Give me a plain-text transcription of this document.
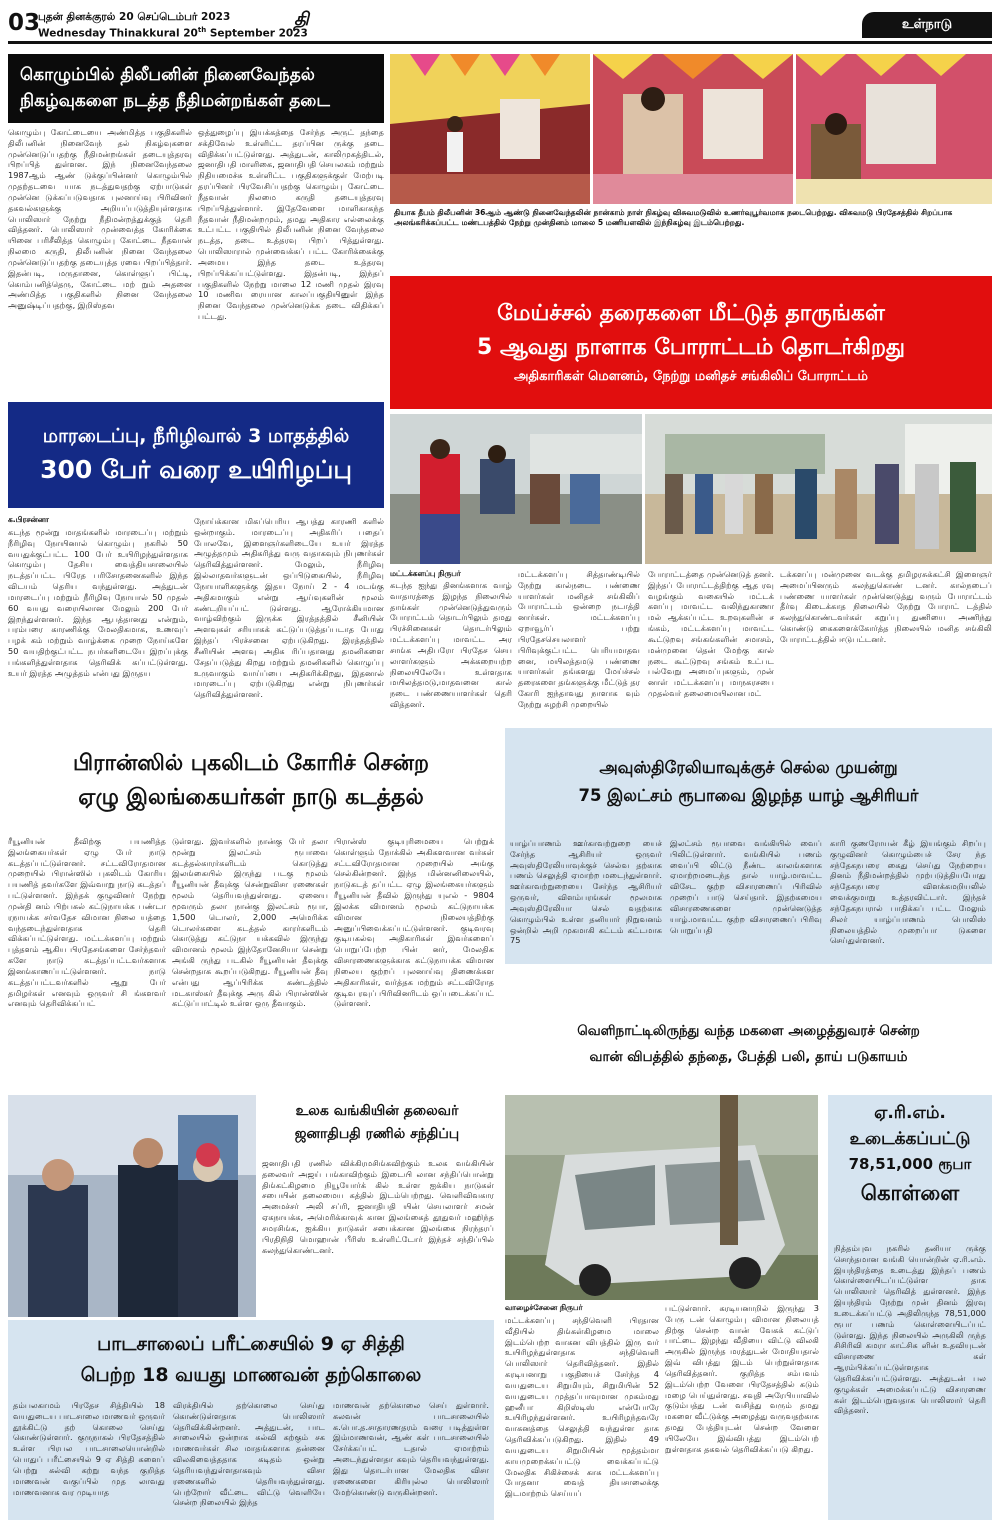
03
புதன் தினக்குரல் 20 செப்டெம்பர் 2023
Wednesday Thinakkural 20th September 2023
தி	உள்நாடு
கொழும்பில் திலீபனின் நினைவேந்தல்
நிகழ்வுகளை நடத்த நீதிமன்றங்கள் தடை
கொழும்பு கோட்டையை அண்மித்த பகுதிகளில் திலீபனின் நினைவேந் தல் நிகழ்வுகளை முன்னெடுப்பதற்கு நீதிமன்றங்கள் தடையுத்தரவு பிறப்பித் துள்ளன. இந் நினைவேந்தலை 1987ஆம் ஆண் டுக்குப்பின்னர் கொழும்பில் முதற்தடவை யாக நடத்துவதற்கு ஏற்பாடுகள் முன்னெ டுக்கப்படுவதாக புலனாய்வு பிரிவினர் தகவல்களுக்கு அறியப்படுத்தியுள்ளதாக பொலிஸார் நேற்று நீதிமன்றத்துக்குத் தெரி வித்தனர். பொலிஸார் முன்வைத்த கோரிக்கை யினை பரிசீலித்த கொழும்பு கோட்டை நீதவான் நிலமை கருதி, திலீபனின் நினை வேந்தலை முன்னெடுப்பதற்கு தடையுத்த ரவை பிறப்பித்தார். இதன்படி, மருதானை, கொள்ளுப் பிட்டி, கொம்பனித்தெரு, கோட்டை மற் றும் அதனை அண்மித்த பகுதிகளில் நினை வேந்தலை அனுஷ்டிப்பதற்கு, இறிஸ்தவ
ஒத்துழைப்பு இயக்கத்தை சேர்ந்த அருட் தந்தை சக்திவேல் உள்ளிட்ட தரப்பின ருக்கு தடை விதிக்கப்பட்டுள்ளது. அத்துடன், காலிமுகத்திடல், ஜனாதிபதி மாளிகை, ஜனாதிபதி செயலகம் மற்றும் நிதியமைச்சு உள்ளிட்ட பகுதிகளுக்குள் மேற்படி தரப்பினர் பிரவேசிப்பதற்கு கொழும்பு கோட்டை நீதவான் நிலமை கருதி தடையுத்தரவு பிறப்பித்துள்ளார். இதேவேளை மாளிகாகந்த நீதவான் நீதிமன்றமும், தமது அதிகார எல்லைக்கு உட்பட்ட பகுதியில் திலீபனின் நினை வேந்தலை நடத்த, தடை உத்தரவு பிறப் பித்துள்ளது. பொலிஸாரால் முன்வைக்கப் பட்ட கோரிக்கைக்கு அமைய இந்த தடை உத்தரவு பிறப்பிக்கப்பட்டுள்ளது. இதன்படி, இந்தப் பகுதிகளில் நேற்று மாலை 12 மணி முதல் இரவு 10 மணிவ ரையான காலப்பகுதியினுள் இந்த நினை வேந்தலை முன்னெடுக்க தடை விதிக்கப் பட்டது.
தியாக தீபம் திலீபனின் 36ஆம் ஆண்டு நினைவேந்தலின் நான்காம் நாள் நிகழ்வு விசுவமடுவில் உணர்வுபூர்வமாக நடைபெற்றது. விசுவமடு பிரதேசத்தில் சிறப்பாக அலங்கரிக்கப்பட்ட மண்டபத்தில் நேற்று முன்தினம் மாலை 5 மணியளவில் இந்நிகழ்வு இடம்பெற்றது.
மேய்ச்சல் தரைகளை மீட்டுத் தாருங்கள்
5 ஆவது நாளாக போராட்டம் தொடர்கிறது
அதிகாரிகள் மௌனம், நேற்று மனிதச் சங்கிலிப் போராட்டம்
மட்டக்களப்பு நிருபர்
கடந்த ஐந்து தினங்களாக வாழ் வாதாரத்தை இழந்த நிலையில் தாங்கள் முன்னெடுத்துவரும் போராட்டம் தொடர்பிலும் தமது பிரச்சினைகள் தொடர்பிலும் மட்டக்களப்பு மாவட்ட அர சாங்க அதிபரோ பிரதேச செய லாளர்களும் அக்கறையற்ற நிலையிலேயே உள்ளதாக மயிலத்தமடு,மாதவனை கால் நடை பண்ணையாளர்கள் தெரி வித்தனர்.
மட்டக்களப்பு சித்தாண்டியில் நேற்று கால்நடை பண்ணை யாளர்கள் மனிதச் சங்கிலிப் போராட்டம் ஒன்றை நடாத்தி னார்கள். மட்டக்களப்பு ஏறாவூர்ப் பற்று பிரதேசசெயலாளர் பிரிவுக்குட்பட்ட பெரியமாதவ னை, மயிலத்தமடு பண்ணை யாளர்கள் தங்களது மேய்ச்சல் தரைகளை தங்களுக்கு மீட்டுத் தர கோரி ஐந்தாவது நாளாக வும் நேற்று சுழற்சி முறையில்
போராட்டத்தை முன்னெடுத் தனர். இந்தப் போராட்டத்திற்கு ஆத ரவு வழங்கும் வகையில் மட்டக் களப்பு மாவட்ட வலிந்துகாணா மல் ஆக்கப்பட்ட உறவுகளின் ச ங்கம், மட்டக்களப்பு மாவட்ட கூட்டுறவு சங்கங்களின் சமாசம், மன்முனை தென் மேற்கு கால் நடை கூட்டுறவு சங்கம் உட்பட பல்வேறு அமைப்புகளும், முன் னாள் மட்டக்களப்பு மாநகரசபை முதல்வர் தலைமையிலான மட்
டக்களப்பு மன்முனை வடக்கு தமிழரசுக்கட்சி இளைஞர் அமைப்பினரும் கலந்துகொண் டனர். கால்நடைப் பண்ணை யாளர்கள் முன்னெடுத்து வரும் போராட்டம் தீர்வு கிடைக்காத நிலையில் நேற்று போராட் டத்தில் கலந்துகொண்டவர்கள் கறுப்பு துணியை அணிந்து கொண்டு கைகளைக்கோர்த்த நிலையில் மனித சங்கிலி போராட்டத்தில் ஈடுபட்டனர்.
மாரடைப்பு, நீரிழிவால் 3 மாதத்தில்
300 பேர் வரை உயிரிழப்பு
க.பிரசன்னா
கடந்த மூன்று மாதங்களில் மாரடைப்பு மற்றும் நீரிழிவு நோயினால் கொழும்பு நகரில் 50 வயதுக்குட்பட்ட 100 பேர் உயிரிழந்துள்ளதாக கொழும்பு தேசிய வைத்தியசாலையில் நடத்தப்பட்ட பிரேத பரிசோதனைகளில் இந்த விடயம் தெரிய வந்துள்ளது. அத்துடன் மாரடைப்பு மற்றும் நீரிழிவு நோயால் 50 முதல் 60 வயது வரையிலான மேலும் 200 பேர் இறந்துள்ளனர். இந்த ஆபத்தானது என்றும், பரம்பரை காரணிக்கு மேலதிகமாக, உணவுப் பழக் கம் மற்றும் வாழ்க்கை முறை நோய்களே 50 வயதிற்குட்பட்ட நபர்களிடையே இறப்புக்கு பங்களித்துள்ளதாக தெரிவிக் கப்பட்டுள்ளது. உயர் இரத்த அழுத்தம் என்பது இருதய
நோய்க்கான மிகப்பெரிய ஆபத்து காரணி களில் ஒன்றாகும். மாரடைப்பு அதிகரிப் பதைப் போலவே, இளைஞர்களிடையே உயர் இரத்த அழுத்தமும் அதிகரித்து வரு வதாகவும் நிபுணர்கள் தெரிவித்துள்ளனர். மேலும், நீரிழிவு இல்லாதவர்களுடன் ஒப்பிடுகையில், நீரிழிவு நோயாளிகளுக்கு இதய நோய் 2 - 4 மடங்கு அதிகமாகும் என்று ஆய்வுகளின் மூலம் கண்டறியப்பட் டுள்ளது. ஆரோக்கியமான வாழ்விற்கும் இருக்க இரத்தத்தில் சீனியின் அளவுகள் சரியாகக் கட்டுப்படுத்தப்படாத போது இந்தப் பிரச்சனை ஏற்படுகிறது. இரத்தத்தில் சீனியின் அளவு அதிக ரிப்பதானது தமனிகளை சேதப்படுத்து கிறது மற்றும் தமனிகளில் கொழுப்பு உருவாகும் வாய்ப்பை அதிகரிக்கிறது, இதனால் மாரடைப்பு ஏற்படுகிறது என்று நிபுணர்கள் தெரிவித்துள்ளனர்.
பிரான்ஸில் புகலிடம் கோரிச் சென்ற
ஏழு இலங்கையர்கள் நாடு கடத்தல்
ரீயூனியன் தீவிற்கு பயணித்த இலங்கையர்கள் ஏழு பேர் நாடு கடத்தப்பட்டுள்ளனர். சட்டவிரோதமான முறையில் பிரான்ஸில் புகலிடம் கோரிய பயணித் தவர்களே இவ்வாறு நாடு கடத்தப் பட்டுள்ளனர். இந்தக் குழுவினர் நேற்று முன்தி னம் பிற்பகல் கட்டுநாயக்க பண்டா ரநாயக்க சர்வதேச விமான நிலை யத்தை வந்தடைந்துள்ளதாக தெரி விக்கப்பட்டுள்ளது. மட்டக்களப்பு மற்றும் புத்தளம் ஆகிய பிரதேசங்களை சேர்ந்தவர் களே நாடு கடத்தப்பட்டவர்களாக இனங்காணப்பட்டுள்ளனர். நாடு கடத்தப்பட்டவர்களில் ஆறு பேர் தமிழர்கள் எனவும் ஒருவர் சி ங்களவர் எனவும் தெரிவிக்கப்பட்
டுள்ளது. இவர்களில் நான்கு பேர் தலா மூன்று இலட்சம் ரூபாவை கடத்தல்காரர்களிடம் கொடுத்து இலங்கையில் இருந்து படகு மூலம் ரீயூனியன் தீவுக்கு சென்றுவிசா ரணைகள் மூலம் தெரியவந்துள்ளது. ஏனைய மூவரும் தலா நான்கு இலட்சம் ரூபா, 1,500 டொலர், 2,000 அமெரிக்க டொலர்களை கடத்தல் காரர்களிடம் கொடுத்து கட்டுநா யக்கவில் இருந்து விமானம் மூலம் இந்தோனேசியா சென்று அங்கி ருந்து படகில் ரீயூனியன் தீவுக்கு சென்றதாக கூறப்படுகிறது. ரீயூனியன் தீவு என்பது ஆப்பிரிக்க கண்டத்தில் மடகாஸ்கர் தீவுக்கு அரு கில் பிரான்ஸின் கட்டுப்பாட்டில் உள்ள ஒரு தீவாகும்.
பிரான்ஸ் குடியுரிமையை பெற்றுக் கொள்ளும் நோக்கில் அகிகளவான வர்கள் சட்டவிரோதமான முறையில் அங்கு செல்கின்றனர். இந்த மின்னனிலையில், நாடுகடத் தப்பட்ட ஏழு இலங்கையர்களும் ரீயூனியன் தீவில் இருந்து யுஎல் - 9804 இலக்க விமானம் மூலம் கட்டுநாயக்க விமான நிலையத்திற்கு அனுப்பிவைக்கப்பட்டுள்ளனர். குடிவரவு குடியகல்வு அதிகாரிகள் இவர்களைப் பொறுப்பேற்ற பின் னர், மேலதிக விசாரணைகளுக்காக கட்டுநாயக்க விமான நிலைய குற்றப் புலனாய்வு திணைக்கள அதிகாரிகள், வர்த்தக மற்றும் சட்டவிரோத குடிவ ரவுப் பிரிவினரிடம் ஒப்படைக்கப்பட் டுள்ளனர்.
அவுஸ்திரேலியாவுக்குச் செல்ல முயன்று
75 இலட்சம் ரூபாவை இழந்த யாழ் ஆசிரியர்
யாழ்ப்பாணம் ஊர்காவற்றுறை யைச் சேர்ந்த ஆசிரியர் ஒருவர் அவுஸ்திரேலியாவுக்குச் செல்வ தற்காக பணம் செலுத்தி ஏமாற்ற மடைந்துள்ளார். ஊர்காவற்றுறையை சேர்ந்த ஆசிரியர் ஒருவர், விளம்பரங்கள் மூலமாக அவுஸ்திரேலியா செல் வதற்காக கொழும்பில் உள்ள தனியார் நிறுவனம் ஒன்றில் அறி முகமாகி கட்டம் கட்டமாக 75
இலட்சம் ரூபாவை வங்கியில் வைப் பிலிட்டுள்ளார். வங்கியில் பணம் வைப்பி லிட்டு நீண்ட காலங்களாக ஏமாற்றமடைந்த தால் யாழ்.மாவட்ட விசேட குற்ற விசாரணைப் பிரிவில் முறைப் பாடு செய்தார். இதற்கமைய விசாரணைகளை முன்னெடுத்த யாழ்.மாவட்ட குற்ற விசாரணைப் பிரிவு பொறுப்பதி
காரி குணரோயன் கீழ் இயங்கும் சிறப்பு குழுவினர் கொழும்பைச் சேர ந்த சந்தேகநபரை கைது செய்து நேற்றைய தினம் நீதிமன்றத்தில் முற்படுத்தியபோது சந்தேகநபரை விளக்கமறியலில் வைக்குமாறு உத்தரவிட்டார். இந்தச் சந்தேகநபரால் பாதிக்கப் பட்ட மேலும் சிலர் யாழ்ப்பாணம் பொலிஸ் நிலையத்தில் முறைப்பா டுகளை செய்துள்ளனர்.
வெளிநாட்டிலிருந்து வந்த மகளை அழைத்துவரச் சென்ற
வான் விபத்தில் தந்தை, பேத்தி பலி, தாய் படுகாயம்
வாழைச்சேனை நிருபர்
மட்டக்களப்பு சந்திவெளி பிரதான வீதியில் திங்கள்கிழமை மாலை இடம்பெற்ற வாகன விபத்தில் இரு வர் உயிரிழந்துள்ளதாக சந்திவெளி பொலிஸார் தெரிவித்தனர். இதில் கரடியனாறு பகுதியைச் சேர்ந்த 4 வயதுடைய சிறுமியும், சிறுமியின் 52 வயதுடைய முத்தப்பாவுமான முகம்மது ஹனீபா கிறிஸ்டிஸ் என்போரே உயிரிழந்துள்ளனர். உயிரிழந்தவரே வாகனத்தை செலுத்தி வந்துள்ள தாக தெரிவிக்கப்படுகிறது. இதில் 49 வயதுடைய சிறுமியின் மூத்தம்மா காயமுறைக்கப்பட்டு வைக்கப்பட்டு மேலதிக சிகிச்சைக் காக மட்டக்களப்பு போதனா வைத் தியசாலைக்கு இடமாற்றம் செய்யப்
பட்டுள்ளார். கரடியனாறில் இருந்து 3 பேரு டன் கொழும்பு விமான நிலையத் திற்கு சென்ற வான் வேகக் கட்டுப் பாட்டை இழந்து வீதியை விட்டு விலகி அருகில் இருந்த மரத்துடன் மோதியதால் இவ் விபத்து இடம் பெற்றுள்ளதாக தெரிவித்தனர். குறித்த சம்பவம் இடம்பெற்ற வேளை பிரதேசத்தில் கடும் மழை பெய்துள்ளது. சவுதி அரேபியாவில் குடும்பத்து டன் வசித்து வரும் தமது மகளை வீட்டுக்கு அழைத்து வருவதற்காக தமது பேத்தியுடன் சென்ற வேளை யிலேயே இவ்விபத்து இடம்பெற் றுள்ளதாக தகவல் தெரிவிக்கப்படு கிறது.
உலக வங்கியின் தலைவர்
ஜனாதிபதி ரணில் சந்திப்பு
ஜனாதிபதி ரணில் விக்கிரமசிங்கவிற்கும் உலக வங்கியின் தலைவர் அஜய் பங்காவிற்கும் இடையி லான சந்திப்பொன்று திங்கட்கிழமை நியூயோர்க் கில் உள்ள ஐக்கிய நாடுகள் சபையின் தலைமைய கத்தில் இடம்பெற்றது. வெளிவிவகார அமைச்சர் அலி சப்ரி, ஜனாதிபதி யின் செயலாளர் சமன் ஏகநாயக்க, அமெரிக்காவுக் கான இலங்கைத் தூதுவர் மஹிந்த சமரசிங்க, ஐக்கிய நாடுகள் சபைக்கான இலங்கை நிரந்தரப் பிரதிநிதி மொஹான் பீரிஸ் உள்ளிட்டோர் இந்தச் சந்திப்பில் கலந்துகொண்டனர்.
ஏ.ரி.எம்.
உடைக்கப்பட்டு
78,51,000 ரூபா
கொள்ளை
நித்தம்புவ நகரில் தனியா ருக்கு சொந்தமான வங்கி யொன்றின் ஏ.ரி.எம். இயந்திரத்தை உடைத்து இந்தப் பணம் கொள்ளையிடப்பட்டுள்ள தாக பொலிஸார் தெரிவித் துள்ளனர். இந்த இயந்திரம் நேற்று முன் தினம் இரவு உடைக்கப்பட்டு அதிலிருந்த 78,51,000 ரூபா பணம் கொள்ளையிடப்பட் டுள்ளது. இந்த நிலையில் அருகிலி ருந்த சிசிரிவி கமரா காட்சிக ளின் உதவியுடன் விசாரணை கள் ஆரம்பிக்கப்பட்டுள்ளதாக தெரிவிக்கப்பட்டுள்ளது. அத்துடன் பல குழுக்கள் அமைக்கப்பட்டு விசாரணை கள் இடம்பெறுவதாக பொலிஸார் தெரி வித்தனர்.
பாடசாலைப் பரீட்சையில் 9 ஏ சித்தி
பெற்ற 18 வயது மாணவன் தற்கொலை
தம்பலகாமம் பிரதேச சித்தியில் 18 வயதுடைய பாடசாலை மாணவர் ஒருவர் தூக்கிட்டு தற் கொலை செய்து கொண்டுள்ளார். குருநாகல் பிரதேசத்தில் உள்ள பிரபல பாடசாலையொன்றில் பொதுப் பரீட்சையில் 9 ஏ சித்தி களைப் பெற்று கல்வி கற்று வந்த குறித்த மாணவன் வகுப்பில் முத லாவது மாணவனாக வர முடியாத
விரக்தியில் தற்கொலை செய்து கொண்டுள்ளதாக பொலிஸார் தெரிவிக்கின்றனர். அத்துடன், பாட சாலையில் ஒன்றாக கல்வி கற்கும் சக மாணவர்கள் சில மாதங்களாக தன்னை விலகிவைத்ததாக கடிதம் ஒன்று தெரியவந்துள்ளதாகவும் விசா ரணைகளில் தெரியவந்துள்ளது. பெற்றோர் வீட்டை விட்டு வெளியே சென்ற நிலையில் இந்த
மாணவன் தற்கொலை செய் துள்ளார். கலவன் பாடசாலையில் க.பொ.த.சாதாரணதரம் வரை படித்துள்ள இம்மாணவன், ஆண் கள் பாடசாலையில் சேர்க்கப்பட் டதால் ஏமாற்றம் அடைந்துள்ளதா கவும் தெரியவந்துள்ளது. இது தொடர்பான மேலதிக விசா ரணைகளை கிரியுல்ல பொலிஸார் மேற்கொண்டு வருகின்றனர்.
